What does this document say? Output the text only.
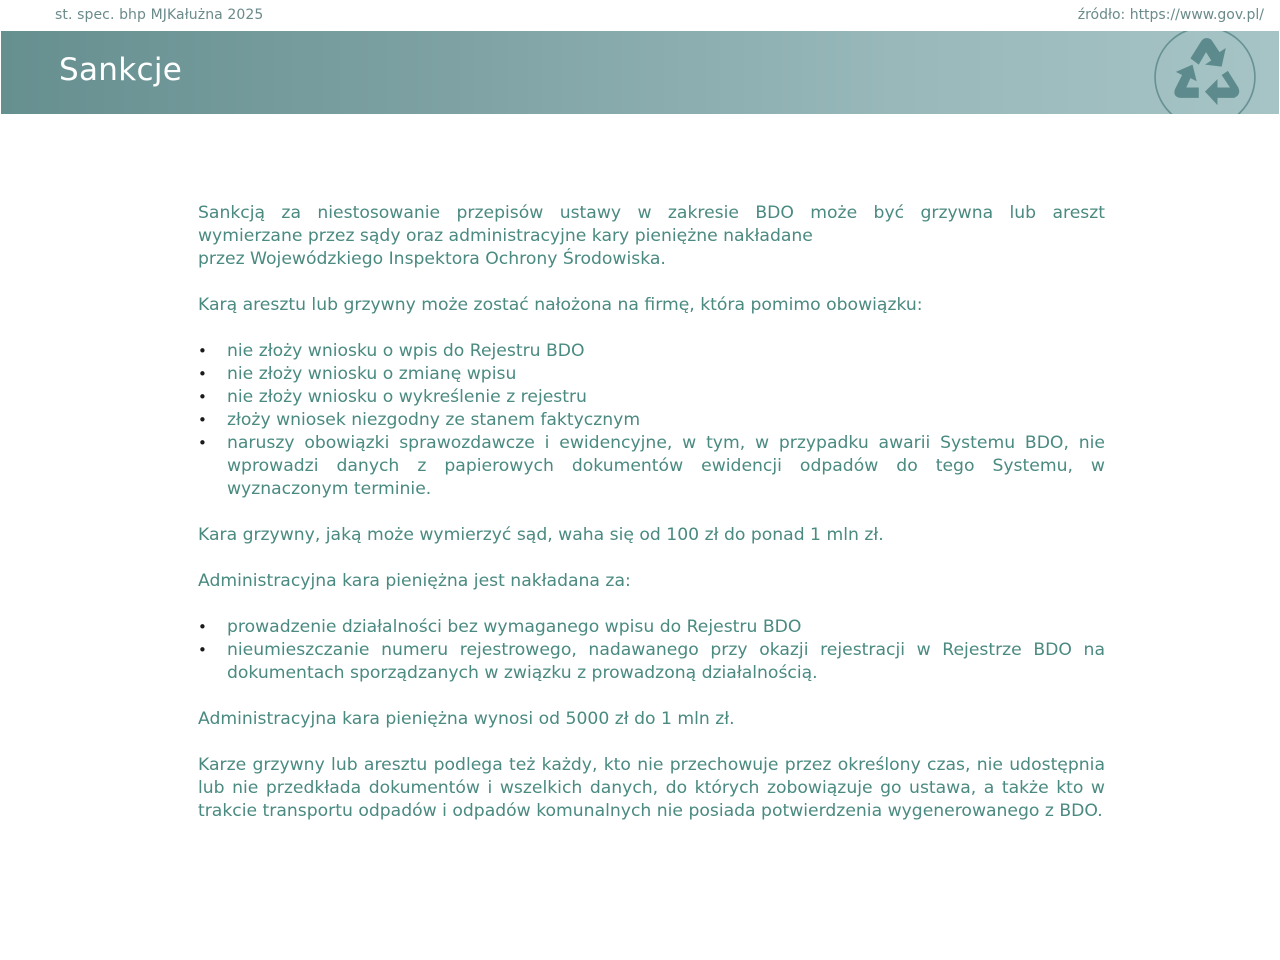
st. spec. bhp MJKałużna 2025	źródło: https://www.gov.pl/
Sankcje

Sankcją za niestosowanie przepisów ustawy w zakresie BDO może być grzywna lub areszt
wymierzane przez sądy oraz administracyjne kary pieniężne nakładane
przez Wojewódzkiego Inspektora Ochrony Środowiska.

Karą aresztu lub grzywny może zostać nałożona na firmę, która pomimo obowiązku:

• nie złoży wniosku o wpis do Rejestru BDO
• nie złoży wniosku o zmianę wpisu
• nie złoży wniosku o wykreślenie z rejestru
• złoży wniosek niezgodny ze stanem faktycznym
• naruszy obowiązki sprawozdawcze i ewidencyjne, w tym, w przypadku awarii Systemu BDO, nie wprowadzi danych z papierowych dokumentów ewidencji odpadów do tego Systemu, w wyznaczonym terminie.

Kara grzywny, jaką może wymierzyć sąd, waha się od 100 zł do ponad 1 mln zł.

Administracyjna kara pieniężna jest nakładana za:

• prowadzenie działalności bez wymaganego wpisu do Rejestru BDO
• nieumieszczanie numeru rejestrowego, nadawanego przy okazji rejestracji w Rejestrze BDO na dokumentach sporządzanych w związku z prowadzoną działalnością.

Administracyjna kara pieniężna wynosi od 5000 zł do 1 mln zł.

Karze grzywny lub aresztu podlega też każdy, kto nie przechowuje przez określony czas, nie udostępnia lub nie przedkłada dokumentów i wszelkich danych, do których zobowiązuje go ustawa, a także kto w trakcie transportu odpadów i odpadów komunalnych nie posiada potwierdzenia wygenerowanego z BDO.
